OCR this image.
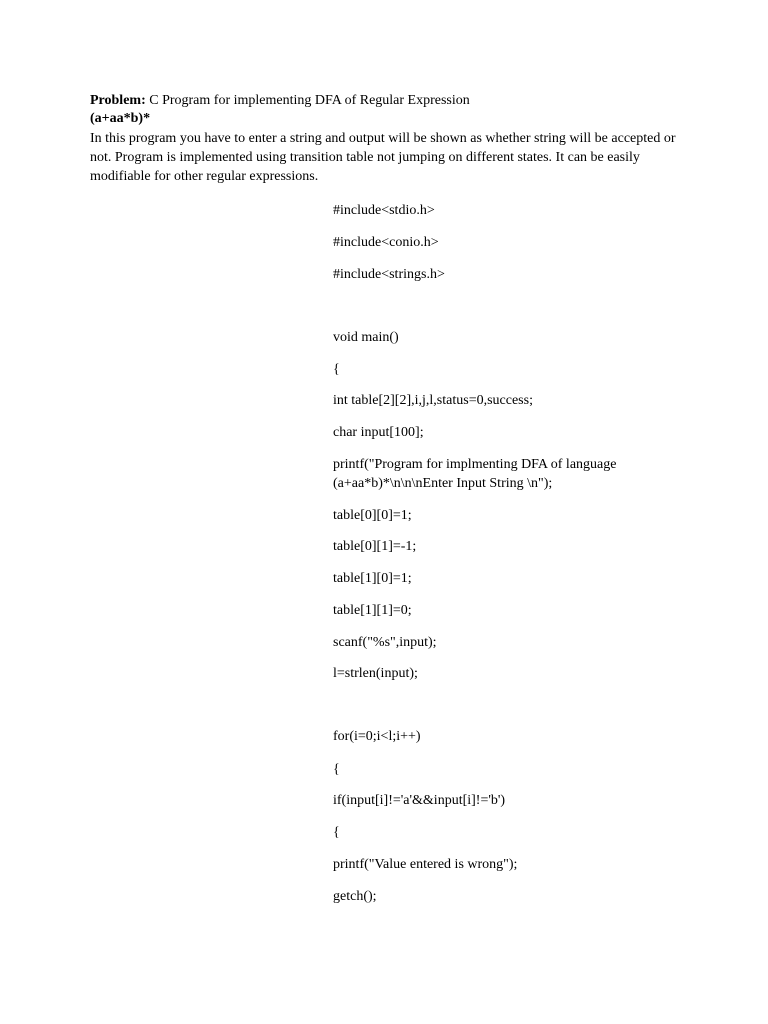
Problem: C Program for implementing DFA of Regular Expression
(a+aa*b)*
In this program you have to enter a string and output will be shown as whether string will be accepted or not. Program is implemented using transition table not jumping on different states. It can be easily modifiable for other regular expressions.
#include<stdio.h>
#include<conio.h>
#include<strings.h>
void main()
{
int table[2][2],i,j,l,status=0,success;
char input[100];
printf("Program for implmenting DFA of language (a+aa*b)*\n\n\nEnter Input String \n");
table[0][0]=1;
table[0][1]=-1;
table[1][0]=1;
table[1][1]=0;
scanf("%s",input);
l=strlen(input);
for(i=0;i<l;i++)
{
if(input[i]!='a'&&input[i]!='b')
{
printf("Value entered is wrong");
getch();
